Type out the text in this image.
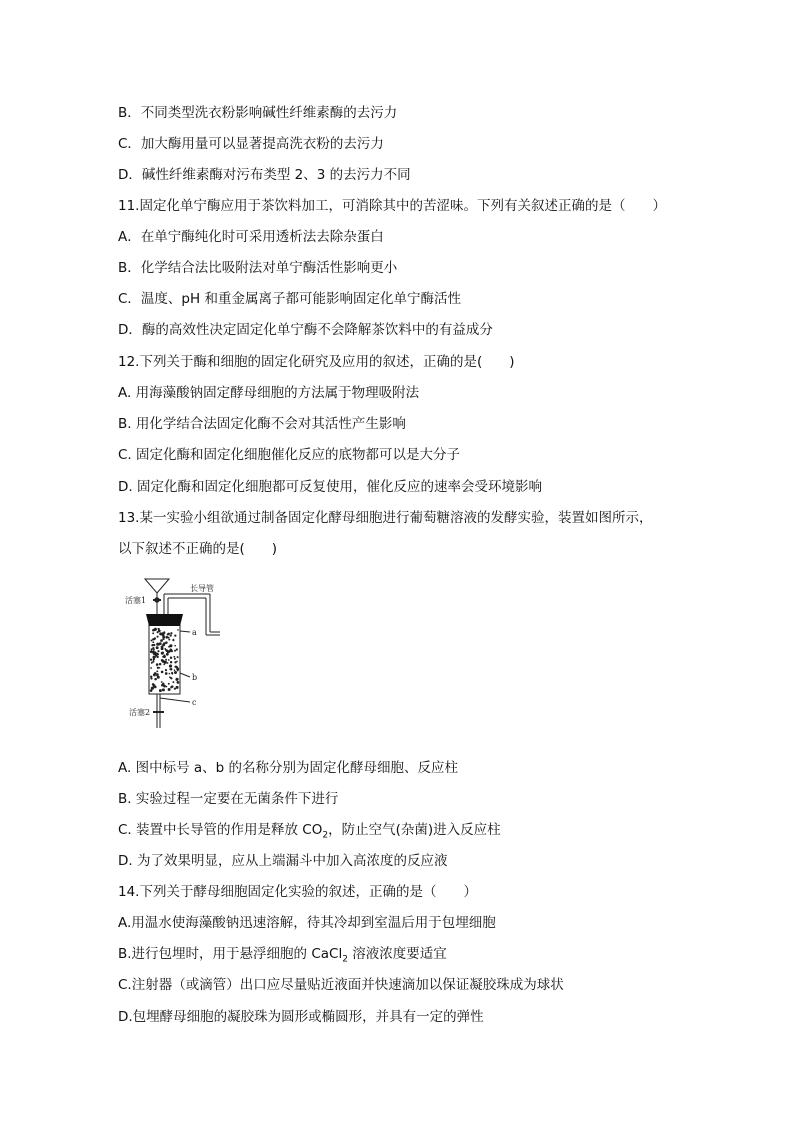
B．不同类型洗衣粉影响碱性纤维素酶的去污力
C．加大酶用量可以显著提高洗衣粉的去污力
D．碱性纤维素酶对污布类型 2、3 的去污力不同
11.固定化单宁酶应用于茶饮料加工，可消除其中的苦涩味。下列有关叙述正确的是（　　）
A．在单宁酶纯化时可采用透析法去除杂蛋白
B．化学结合法比吸附法对单宁酶活性影响更小
C．温度、pH 和重金属离子都可能影响固定化单宁酶活性
D．酶的高效性决定固定化单宁酶不会降解茶饮料中的有益成分
12.下列关于酶和细胞的固定化研究及应用的叙述，正确的是(　　)
A. 用海藻酸钠固定酵母细胞的方法属于物理吸附法
B. 用化学结合法固定化酶不会对其活性产生影响
C. 固定化酶和固定化细胞催化反应的底物都可以是大分子
D. 固定化酶和固定化细胞都可反复使用，催化反应的速率会受环境影响
13.某一实验小组欲通过制备固定化酵母细胞进行葡萄糖溶液的发酵实验，装置如图所示，
以下叙述不正确的是(　　)
长导管
活塞1
a
b
c
活塞2
A. 图中标号 a、b 的名称分别为固定化酵母细胞、反应柱
B. 实验过程一定要在无菌条件下进行
C. 装置中长导管的作用是释放 $CO_2$，防止空气(杂菌)进入反应柱
D. 为了效果明显，应从上端漏斗中加入高浓度的反应液
14.下列关于酵母细胞固定化实验的叙述，正确的是（　　）
A.用温水使海藻酸钠迅速溶解，待其冷却到室温后用于包埋细胞
B.进行包埋时，用于悬浮细胞的 CaCl$_2$ 溶液浓度要适宜
C.注射器（或滴管）出口应尽量贴近液面并快速滴加以保证凝胶珠成为球状
D.包埋酵母细胞的凝胶珠为圆形或椭圆形，并具有一定的弹性
